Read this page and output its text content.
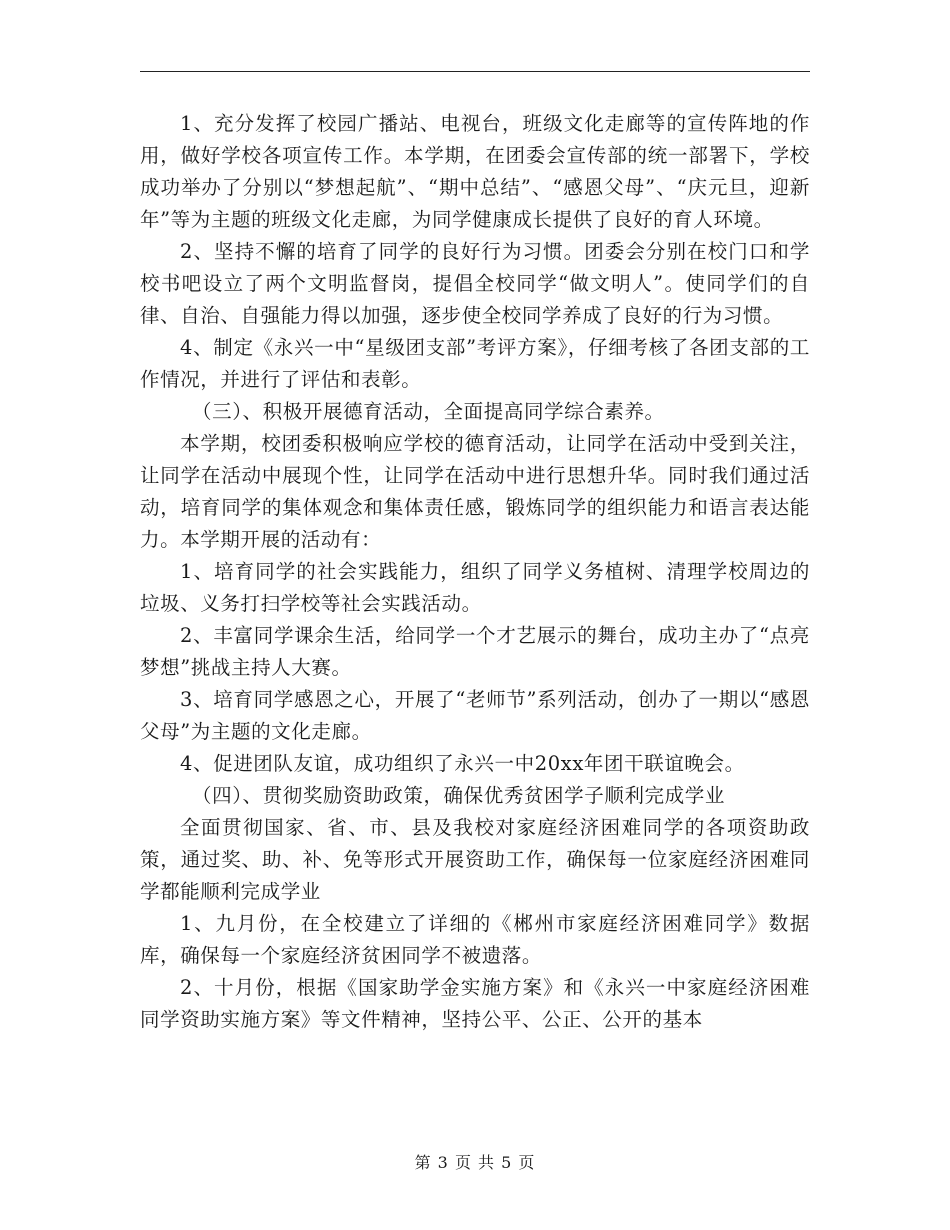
1、充分发挥了校园广播站、电视台，班级文化走廊等的宣传阵地的作用，做好学校各项宣传工作。本学期，在团委会宣传部的统一部署下，学校成功举办了分别以“梦想起航”、“期中总结”、“感恩父母”、“庆元旦，迎新年”等为主题的班级文化走廊，为同学健康成长提供了良好的育人环境。

2、坚持不懈的培育了同学的良好行为习惯。团委会分别在校门口和学校书吧设立了两个文明监督岗，提倡全校同学“做文明人”。使同学们的自律、自治、自强能力得以加强，逐步使全校同学养成了良好的行为习惯。

4、制定《永兴一中“星级团支部”考评方案》，仔细考核了各团支部的工作情况，并进行了评估和表彰。

（三）、积极开展德育活动，全面提高同学综合素养。

本学期，校团委积极响应学校的德育活动，让同学在活动中受到关注，让同学在活动中展现个性，让同学在活动中进行思想升华。同时我们通过活动，培育同学的集体观念和集体责任感，锻炼同学的组织能力和语言表达能力。本学期开展的活动有：

1、培育同学的社会实践能力，组织了同学义务植树、清理学校周边的垃圾、义务打扫学校等社会实践活动。

2、丰富同学课余生活，给同学一个才艺展示的舞台，成功主办了“点亮梦想”挑战主持人大赛。

3、培育同学感恩之心，开展了“老师节”系列活动，创办了一期以“感恩父母”为主题的文化走廊。

4、促进团队友谊，成功组织了永兴一中20xx年团干联谊晚会。

（四）、贯彻奖励资助政策，确保优秀贫困学子顺利完成学业

全面贯彻国家、省、市、县及我校对家庭经济困难同学的各项资助政策，通过奖、助、补、免等形式开展资助工作，确保每一位家庭经济困难同学都能顺利完成学业

1、九月份，在全校建立了详细的《郴州市家庭经济困难同学》数据库，确保每一个家庭经济贫困同学不被遗落。

2、十月份，根据《国家助学金实施方案》和《永兴一中家庭经济困难同学资助实施方案》等文件精神，坚持公平、公正、公开的基本

第 3 页 共 5 页
